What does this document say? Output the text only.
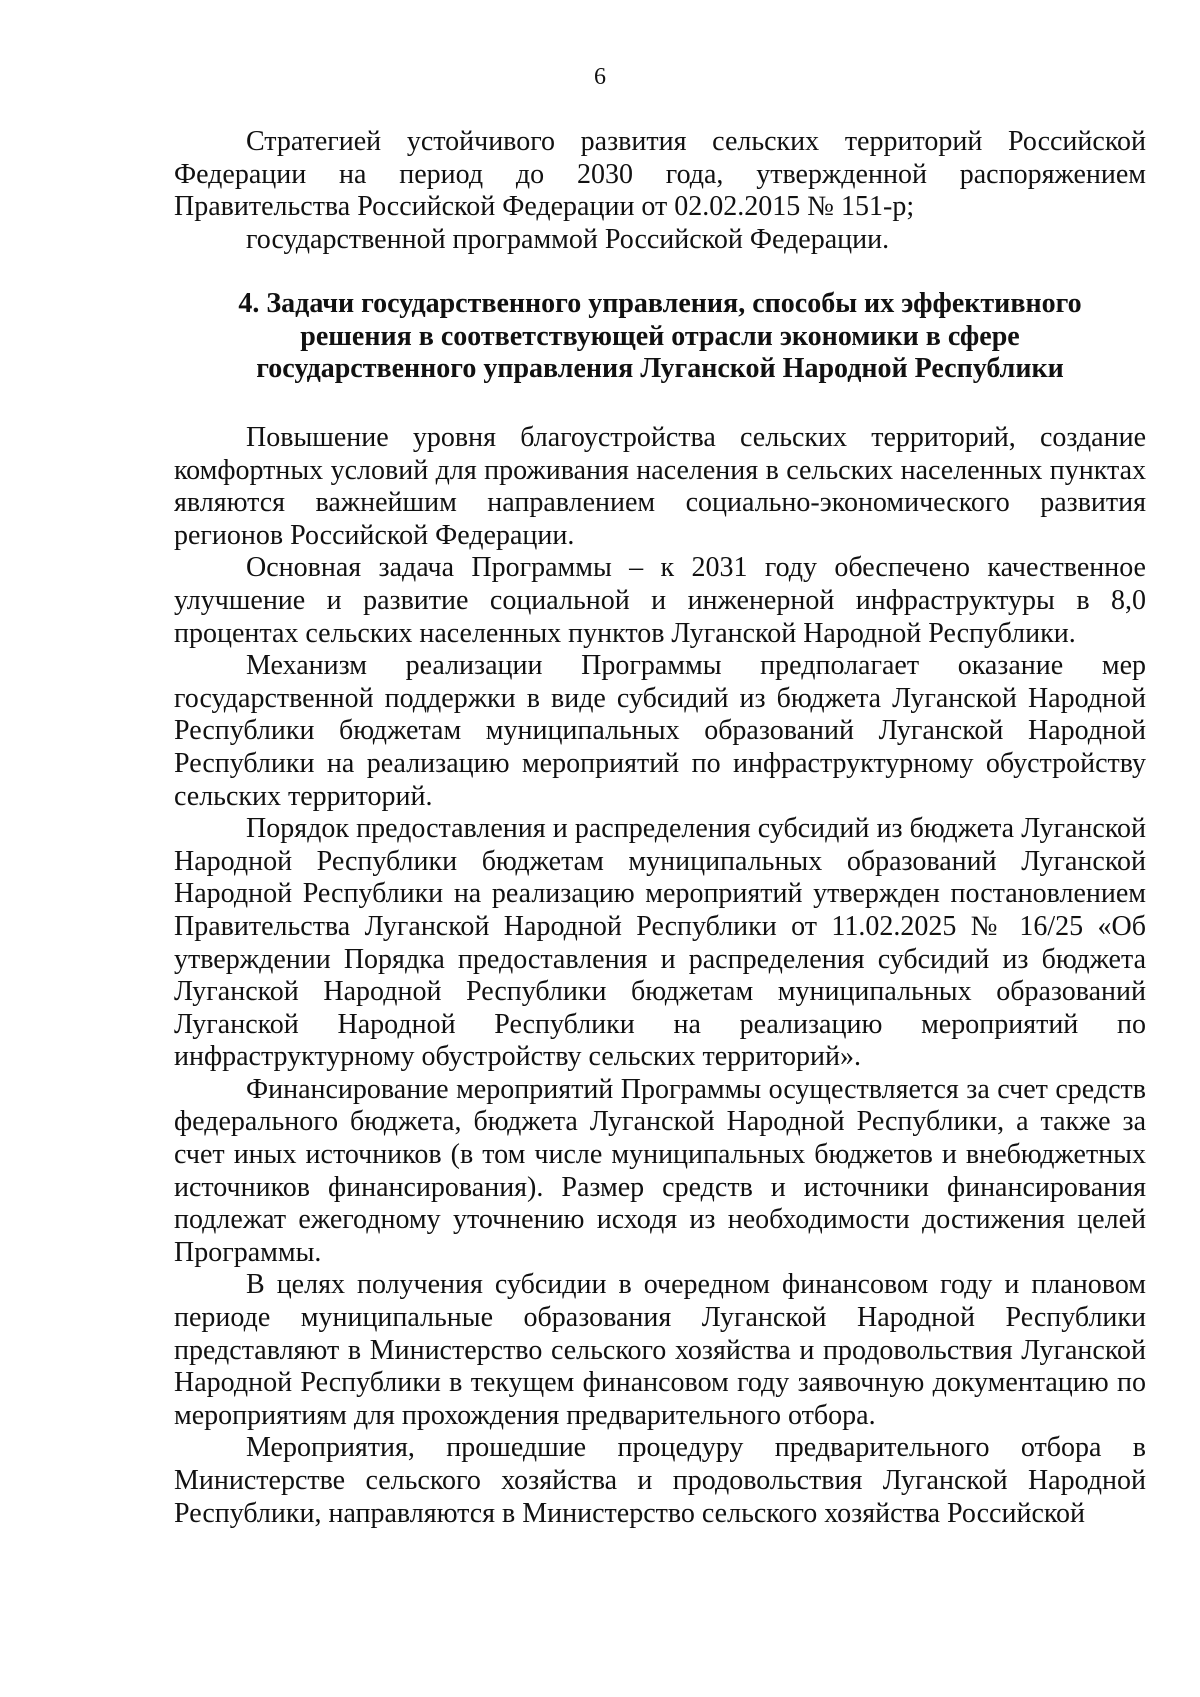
6

Стратегией устойчивого развития сельских территорий Российской Федерации на период до 2030 года, утвержденной распоряжением Правительства Российской Федерации от 02.02.2015 № 151-р;

государственной программой Российской Федерации.

4. Задачи государственного управления, способы их эффективного
решения в соответствующей отрасли экономики в сфере
государственного управления Луганской Народной Республики

Повышение уровня благоустройства сельских территорий, создание комфортных условий для проживания населения в сельских населенных пунктах являются важнейшим направлением социально-экономического развития регионов Российской Федерации.

Основная задача Программы – к 2031 году обеспечено качественное улучшение и развитие социальной и инженерной инфраструктуры в 8,0 процентах сельских населенных пунктов Луганской Народной Республики.

Механизм реализации Программы предполагает оказание мер государственной поддержки в виде субсидий из бюджета Луганской Народной Республики бюджетам муниципальных образований Луганской Народной Республики на реализацию мероприятий по инфраструктурному обустройству сельских территорий.

Порядок предоставления и распределения субсидий из бюджета Луганской Народной Республики бюджетам муниципальных образований Луганской Народной Республики на реализацию мероприятий утвержден постановлением Правительства Луганской Народной Республики от 11.02.2025 № 16/25 «Об утверждении Порядка предоставления и распределения субсидий из бюджета Луганской Народной Республики бюджетам муниципальных образований Луганской Народной Республики на реализацию мероприятий по инфраструктурному обустройству сельских территорий».

Финансирование мероприятий Программы осуществляется за счет средств федерального бюджета, бюджета Луганской Народной Республики, а также за счет иных источников (в том числе муниципальных бюджетов и внебюджетных источников финансирования). Размер средств и источники финансирования подлежат ежегодному уточнению исходя из необходимости достижения целей Программы.

В целях получения субсидии в очередном финансовом году и плановом периоде муниципальные образования Луганской Народной Республики представляют в Министерство сельского хозяйства и продовольствия Луганской Народной Республики в текущем финансовом году заявочную документацию по мероприятиям для прохождения предварительного отбора.

Мероприятия, прошедшие процедуру предварительного отбора в Министерстве сельского хозяйства и продовольствия Луганской Народной Республики, направляются в Министерство сельского хозяйства Российской
